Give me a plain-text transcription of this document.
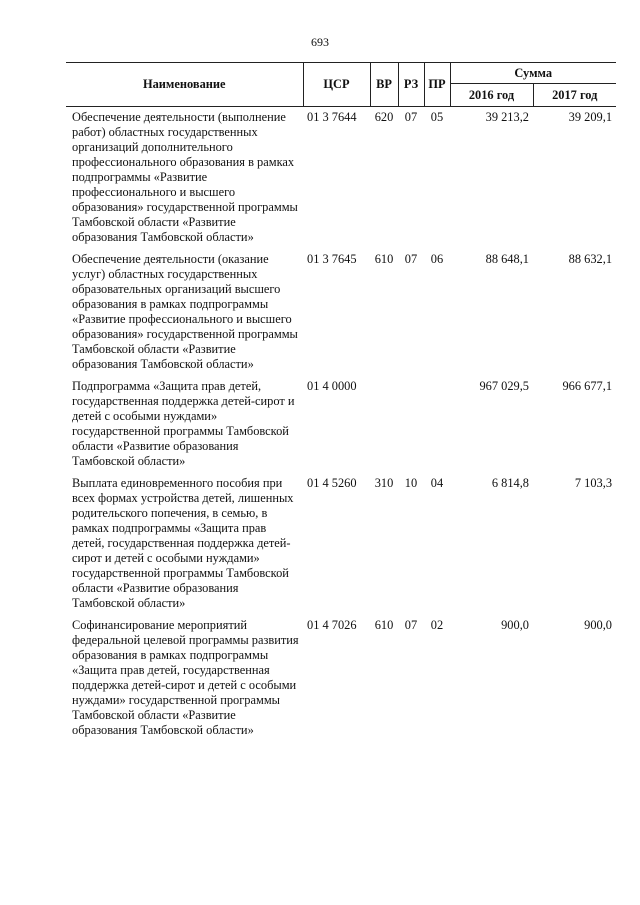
693
Наименование	ЦСР	ВР	РЗ	ПР	Сумма	
					2016 год	2017 год
Обеспечение деятельности (выполнение работ) областных государственных организаций дополнительного профессионального образования в рамках подпрограммы «Развитие профессионального и высшего образования» государственной программы Тамбовской области «Развитие образования Тамбовской области»	01 3 7644	620	07	05	39 213,2	39 209,1
Обеспечение деятельности (оказание услуг) областных государственных образовательных организаций высшего образования в рамках подпрограммы «Развитие профессионального и высшего образования» государственной программы Тамбовской области «Развитие образования Тамбовской области»	01 3 7645	610	07	06	88 648,1	88 632,1
Подпрограмма «Защита прав детей, государственная поддержка детей-сирот и детей с особыми нуждами» государственной программы Тамбовской области «Развитие образования Тамбовской области»	01 4 0000				967 029,5	966 677,1
Выплата единовременного пособия при всех формах устройства детей, лишенных родительского попечения, в семью, в рамках подпрограммы «Защита прав детей, государственная поддержка детей-сирот и детей с особыми нуждами» государственной программы Тамбовской области «Развитие образования Тамбовской области»	01 4 5260	310	10	04	6 814,8	7 103,3
Софинансирование мероприятий федеральной целевой программы развития образования в рамках подпрограммы «Защита прав детей, государственная поддержка детей-сирот и детей с особыми нуждами» государственной программы Тамбовской области «Развитие образования Тамбовской области»	01 4 7026	610	07	02	900,0	900,0
